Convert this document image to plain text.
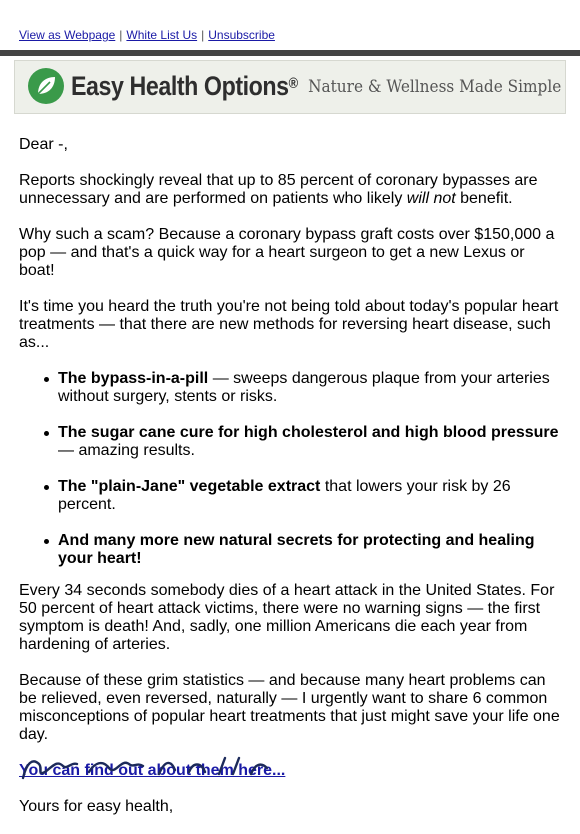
View as Webpage | White List Us | Unsubscribe
Easy Health Options® Nature & Wellness Made Simple

Dear -,

Reports shockingly reveal that up to 85 percent of coronary bypasses are unnecessary and are performed on patients who likely will not benefit.

Why such a scam? Because a coronary bypass graft costs over $150,000 a pop — and that's a quick way for a heart surgeon to get a new Lexus or boat!

It's time you heard the truth you're not being told about today's popular heart treatments — that there are new methods for reversing heart disease, such as...

The bypass-in-a-pill — sweeps dangerous plaque from your arteries without surgery, stents or risks.
The sugar cane cure for high cholesterol and high blood pressure — amazing results.
The "plain-Jane" vegetable extract that lowers your risk by 26 percent.
And many more new natural secrets for protecting and healing your heart!

Every 34 seconds somebody dies of a heart attack in the United States. For 50 percent of heart attack victims, there were no warning signs — the first symptom is death! And, sadly, one million Americans die each year from hardening of arteries.

Because of these grim statistics — and because many heart problems can be relieved, even reversed, naturally — I urgently want to share 6 common misconceptions of popular heart treatments that just might save your life one day.

You can find out about them here...

Yours for easy health,
